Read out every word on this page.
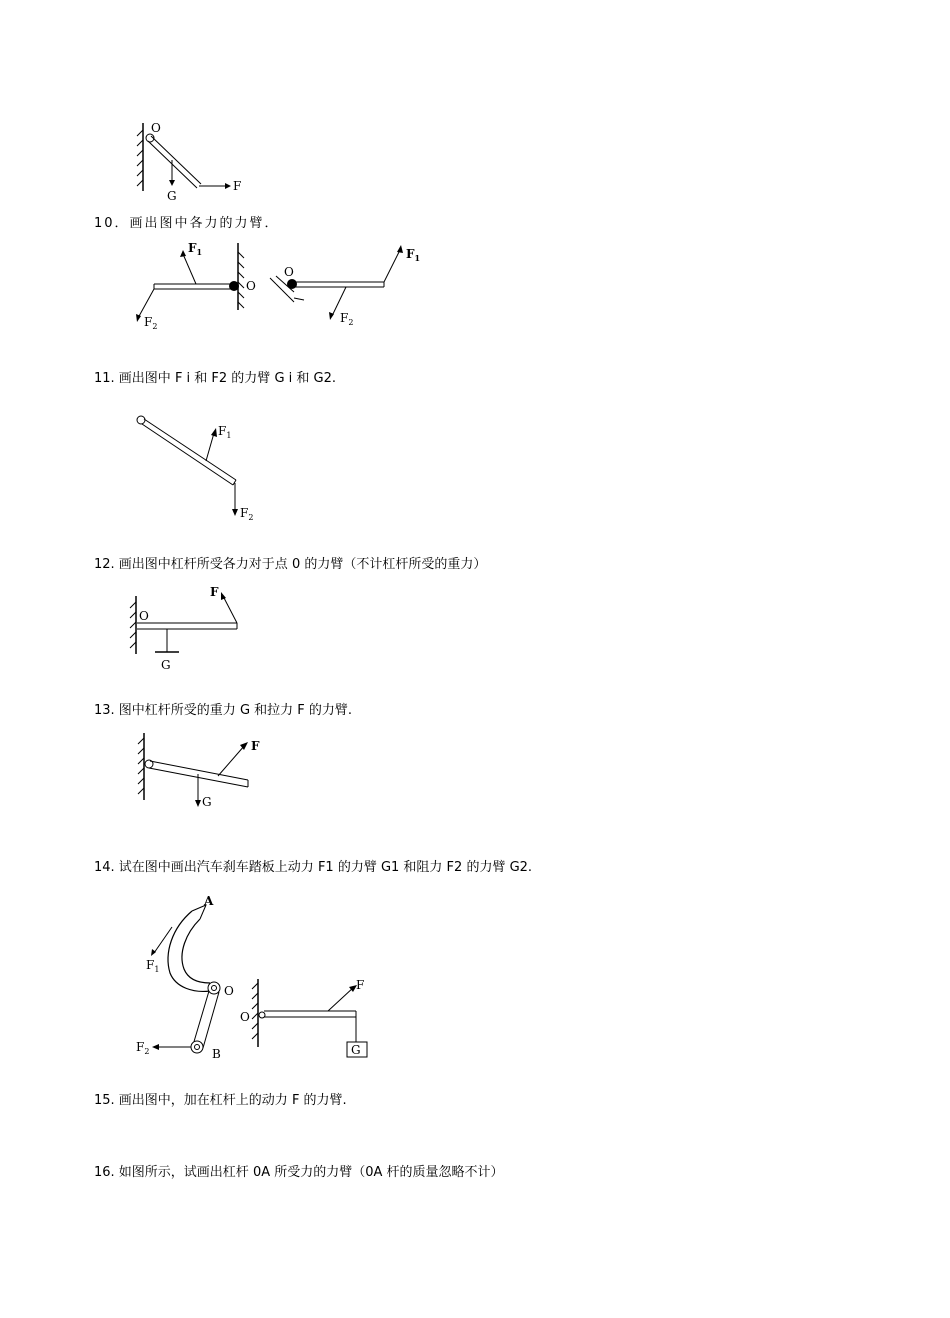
O
G
F
10．画出图中各力的力臂．
O
$F_1$
$F_2$
O
$F_1$
$F_2$
11. 画出图中 F i 和 F2 的力臂 G i 和 G2.
$F_1$
$F_2$
12. 画出图中杠杆所受各力对于点 0 的力臂（不计杠杆所受的重力）
O
F
G
13. 图中杠杆所受的重力 G 和拉力 F 的力臂.
F
G
14. 试在图中画出汽车刹车踏板上动力 F1 的力臂 G1 和阻力 F2 的力臂 G2.
A
O
B
$F_1$
$F_2$
O
F
G
15. 画出图中，加在杠杆上的动力 F 的力臂.
16. 如图所示，试画出杠杆 0A 所受力的力臂（0A 杆的质量忽略不计）
